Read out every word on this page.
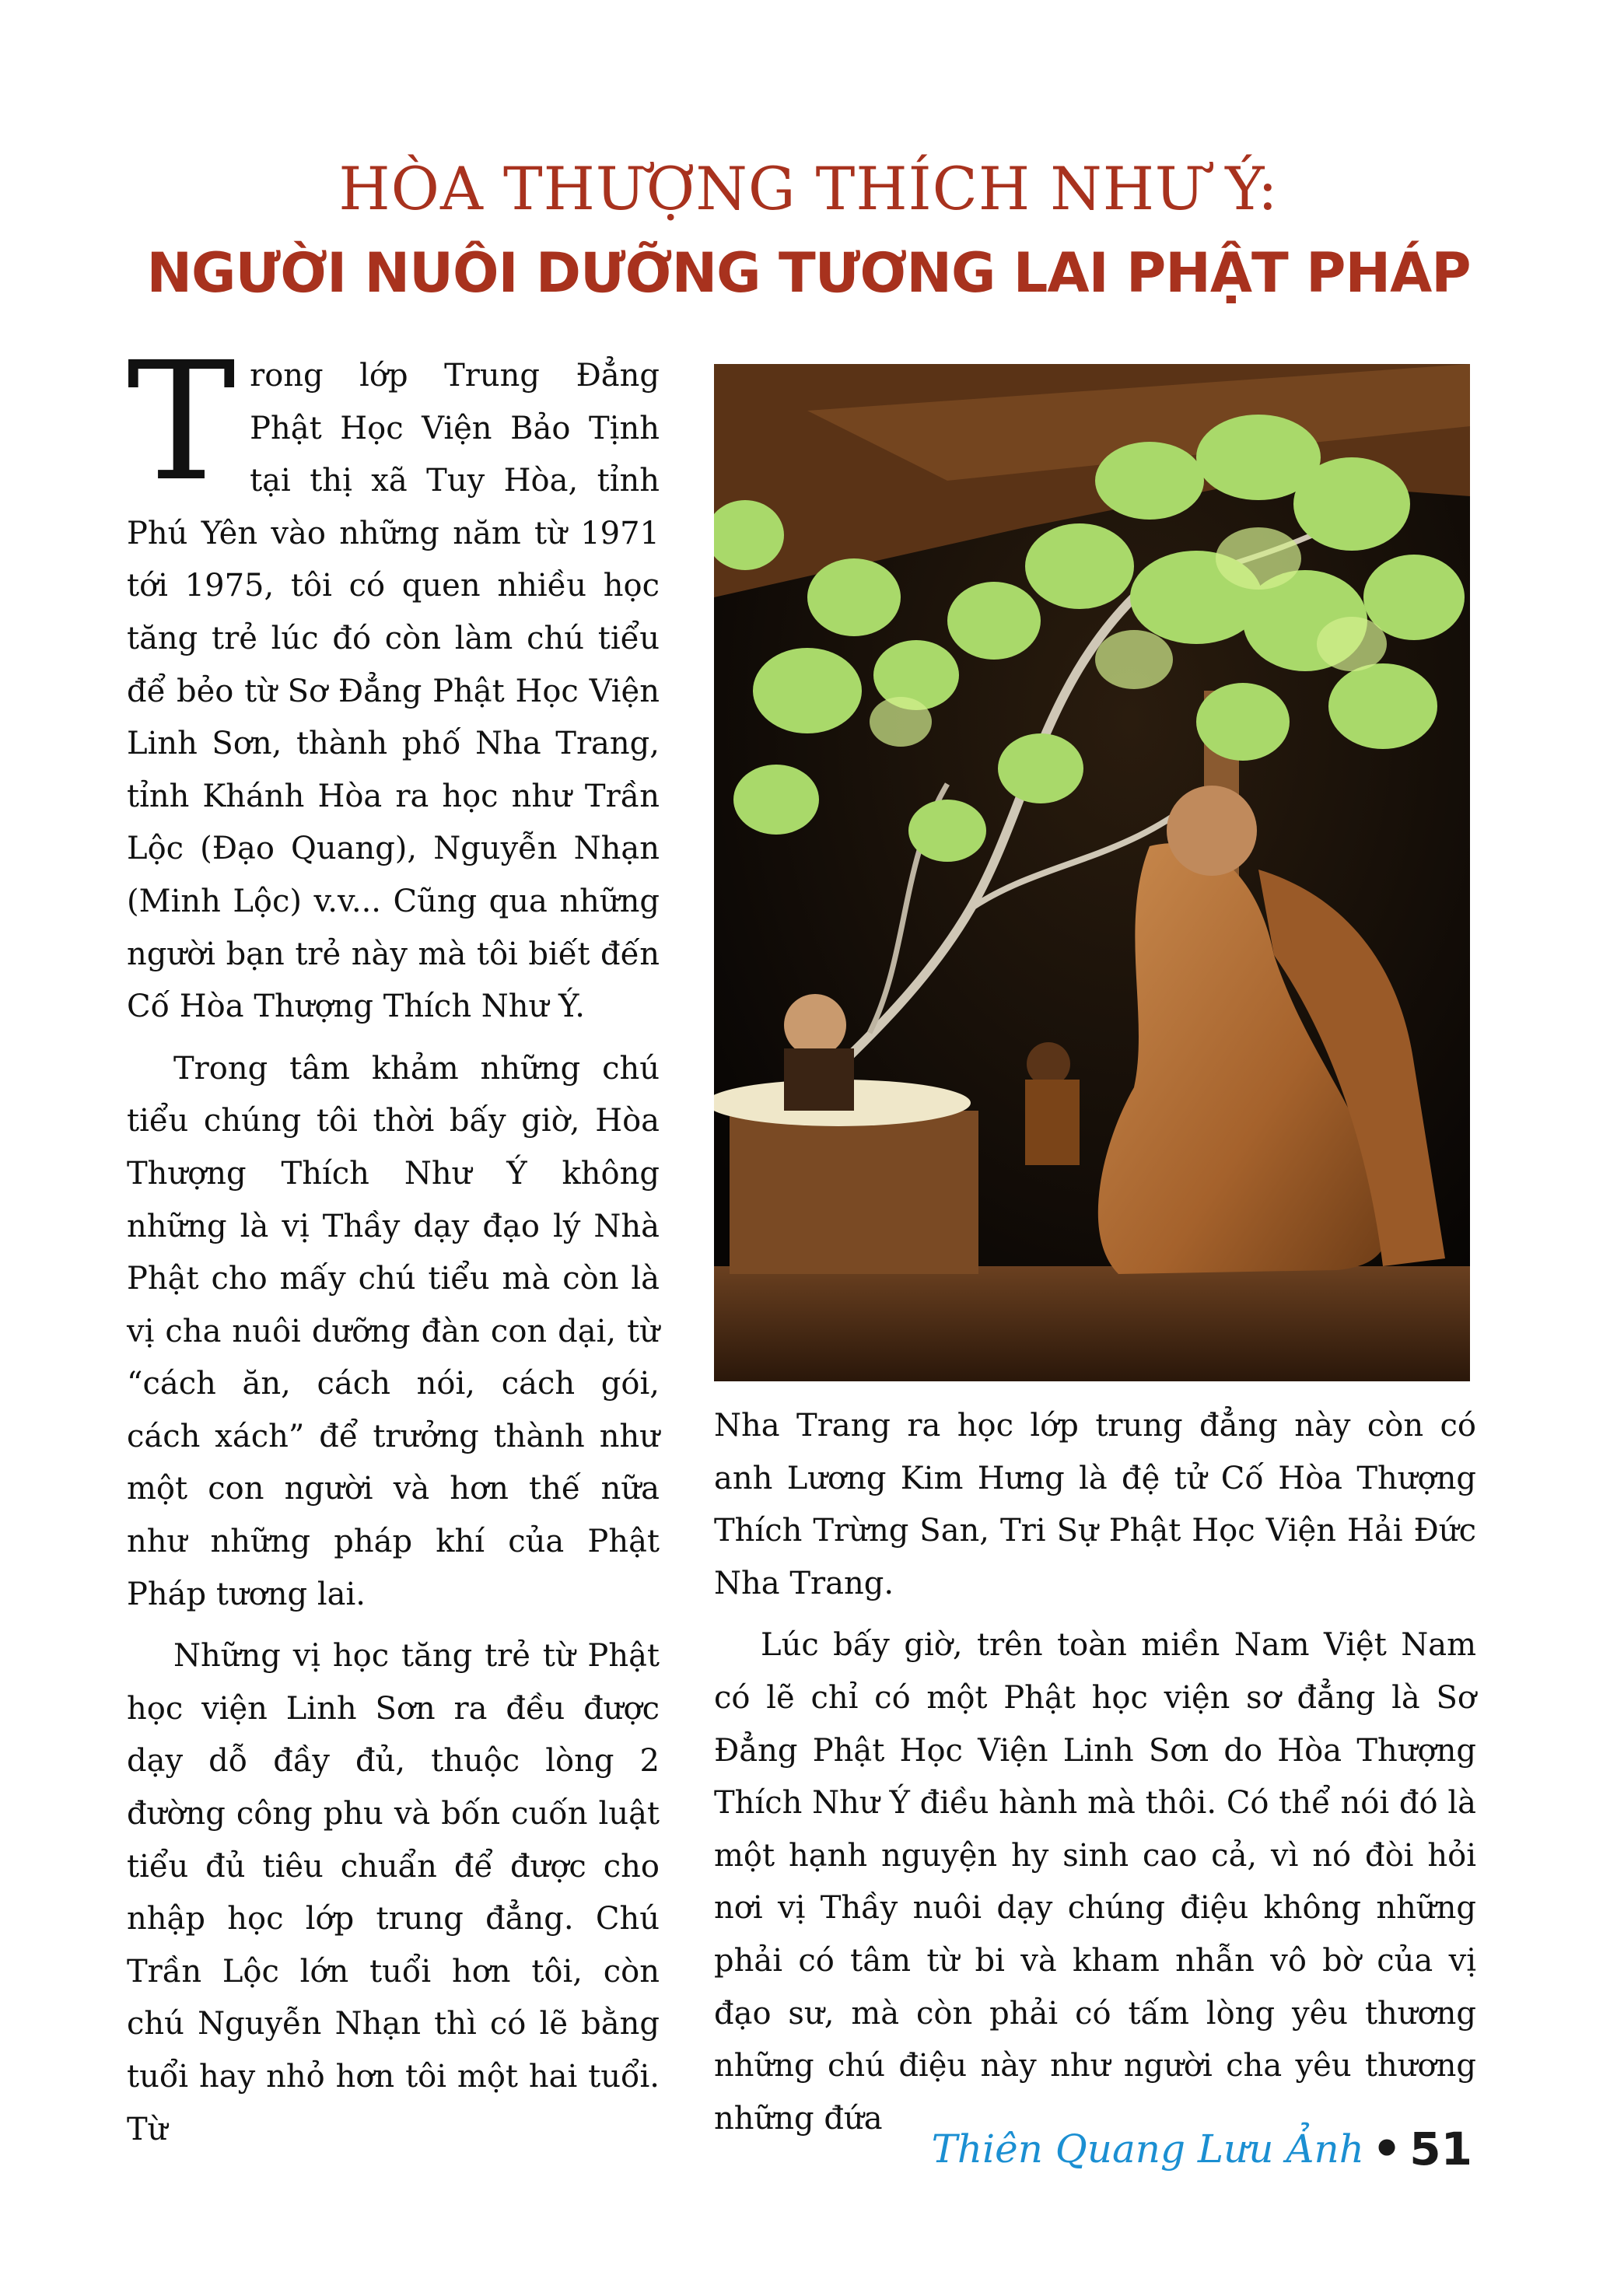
HÒA THƯỢNG THÍCH NHƯ Ý:
NGƯỜI NUÔI DƯỠNG TƯƠNG LAI PHẬT PHÁP

Trong lớp Trung Đẳng Phật Học Viện Bảo Tịnh tại thị xã Tuy Hòa, tỉnh Phú Yên vào những năm từ 1971 tới 1975, tôi có quen nhiều học tăng trẻ lúc đó còn làm chú tiểu để bẻo từ Sơ Đẳng Phật Học Viện Linh Sơn, thành phố Nha Trang, tỉnh Khánh Hòa ra học như Trần Lộc (Đạo Quang), Nguyễn Nhạn (Minh Lộc) v.v... Cũng qua những người bạn trẻ này mà tôi biết đến Cố Hòa Thượng Thích Như Ý.

Trong tâm khảm những chú tiểu chúng tôi thời bấy giờ, Hòa Thượng Thích Như Ý không những là vị Thầy dạy đạo lý Nhà Phật cho mấy chú tiểu mà còn là vị cha nuôi dưỡng đàn con dại, từ “cách ăn, cách nói, cách gói, cách xách” để trưởng thành như một con người và hơn thế nữa như những pháp khí của Phật Pháp tương lai.

Những vị học tăng trẻ từ Phật học viện Linh Sơn ra đều được dạy dỗ đầy đủ, thuộc lòng 2 đường công phu và bốn cuốn luật tiểu đủ tiêu chuẩn để được cho nhập học lớp trung đẳng. Chú Trần Lộc lớn tuổi hơn tôi, còn chú Nguyễn Nhạn thì có lẽ bằng tuổi hay nhỏ hơn tôi một hai tuổi. Từ

Nha Trang ra học lớp trung đẳng này còn có anh Lương Kim Hưng là đệ tử Cố Hòa Thượng Thích Trừng San, Tri Sự Phật Học Viện Hải Đức Nha Trang.

Lúc bấy giờ, trên toàn miền Nam Việt Nam có lẽ chỉ có một Phật học viện sơ đẳng là Sơ Đẳng Phật Học Viện Linh Sơn do Hòa Thượng Thích Như Ý điều hành mà thôi. Có thể nói đó là một hạnh nguyện hy sinh cao cả, vì nó đòi hỏi nơi vị Thầy nuôi dạy chúng điệu không những phải có tâm từ bi và kham nhẫn vô bờ của vị đạo sư, mà còn phải có tấm lòng yêu thương những chú điệu này như người cha yêu thương những đứa

Thiên Quang Lưu Ảnh • 51
